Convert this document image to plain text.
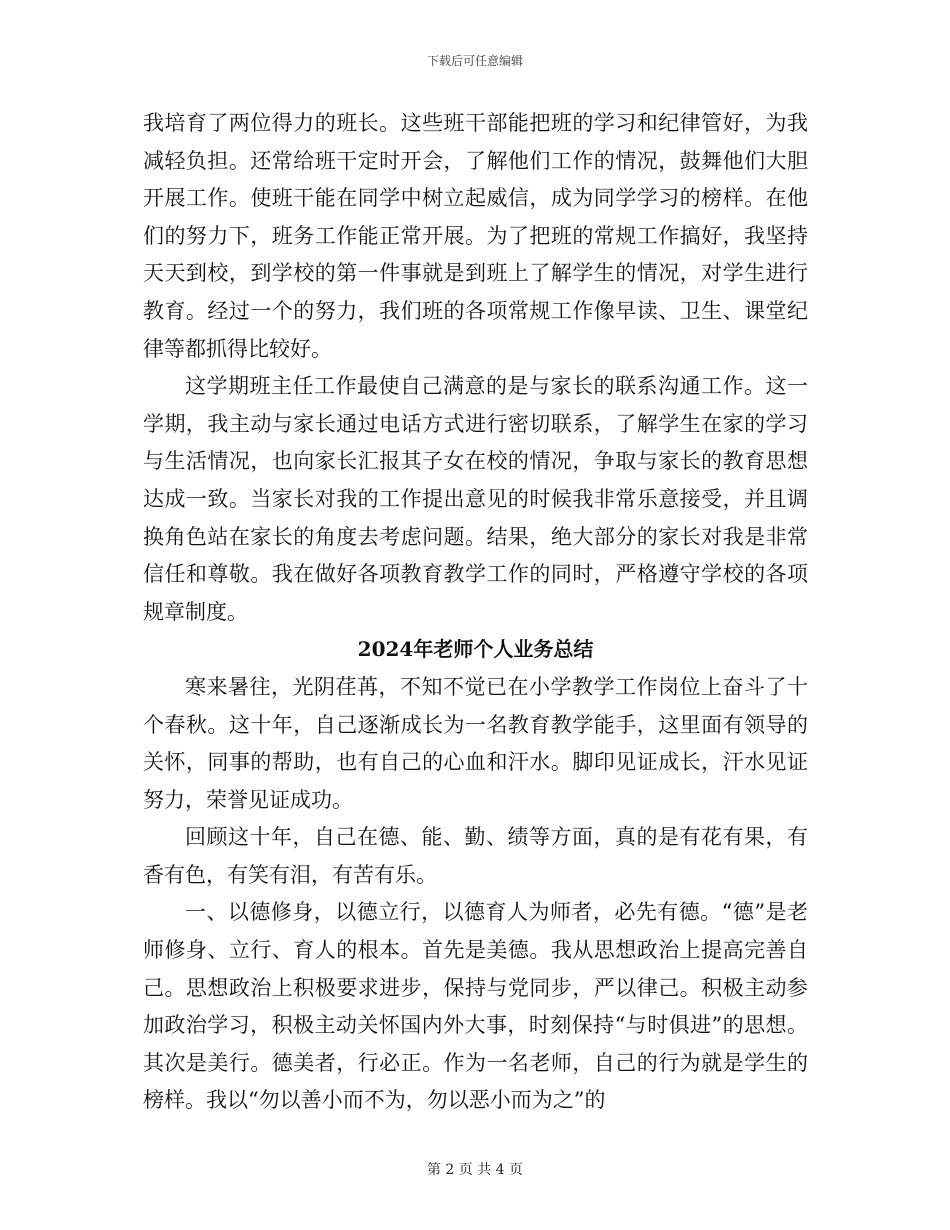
下载后可任意编辑

我培育了两位得力的班长。这些班干部能把班的学习和纪律管好，为我减轻负担。还常给班干定时开会，了解他们工作的情况，鼓舞他们大胆开展工作。使班干能在同学中树立起威信，成为同学学习的榜样。在他们的努力下，班务工作能正常开展。为了把班的常规工作搞好，我坚持天天到校，到学校的第一件事就是到班上了解学生的情况，对学生进行教育。经过一个的努力，我们班的各项常规工作像早读、卫生、课堂纪律等都抓得比较好。

这学期班主任工作最使自己满意的是与家长的联系沟通工作。这一学期，我主动与家长通过电话方式进行密切联系，了解学生在家的学习与生活情况，也向家长汇报其子女在校的情况，争取与家长的教育思想达成一致。当家长对我的工作提出意见的时候我非常乐意接受，并且调换角色站在家长的角度去考虑问题。结果，绝大部分的家长对我是非常信任和尊敬。我在做好各项教育教学工作的同时，严格遵守学校的各项规章制度。

2024年老师个人业务总结

寒来暑往，光阴荏苒，不知不觉已在小学教学工作岗位上奋斗了十个春秋。这十年，自己逐渐成长为一名教育教学能手，这里面有领导的关怀，同事的帮助，也有自己的心血和汗水。脚印见证成长，汗水见证努力，荣誉见证成功。

回顾这十年，自己在德、能、勤、绩等方面，真的是有花有果，有香有色，有笑有泪，有苦有乐。

一、以德修身，以德立行，以德育人为师者，必先有德。“德”是老师修身、立行、育人的根本。首先是美德。我从思想政治上提高完善自己。思想政治上积极要求进步，保持与党同步，严以律己。积极主动参加政治学习，积极主动关怀国内外大事，时刻保持“与时俱进”的思想。其次是美行。德美者，行必正。作为一名老师，自己的行为就是学生的榜样。我以“勿以善小而不为，勿以恶小而为之”的

第 2 页 共 4 页
